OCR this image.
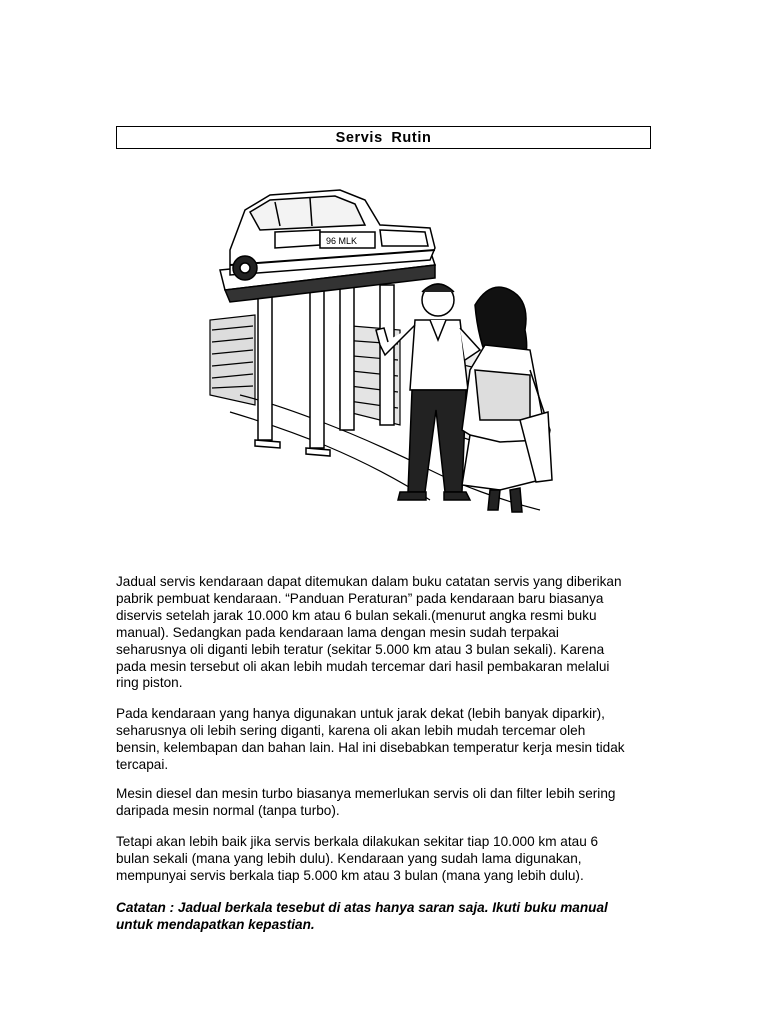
Servis Rutin
96 MLK
Jadual servis kendaraan dapat ditemukan dalam buku catatan servis yang diberikan
pabrik pembuat kendaraan. “Panduan Peraturan” pada kendaraan baru biasanya
diservis setelah jarak 10.000 km atau 6 bulan sekali.(menurut angka resmi buku
manual). Sedangkan pada kendaraan lama dengan mesin sudah terpakai
seharusnya oli diganti lebih teratur (sekitar 5.000 km atau 3 bulan sekali). Karena
pada mesin tersebut oli akan lebih mudah tercemar dari hasil pembakaran melalui
ring piston.
Pada kendaraan yang hanya digunakan untuk jarak dekat (lebih banyak diparkir),
seharusnya oli lebih sering diganti, karena oli akan lebih mudah tercemar oleh
bensin, kelembapan dan bahan lain. Hal ini disebabkan temperatur kerja mesin tidak
tercapai.
Mesin diesel dan mesin turbo biasanya memerlukan servis oli dan filter lebih sering
daripada mesin normal (tanpa turbo).
Tetapi akan lebih baik jika servis berkala dilakukan sekitar tiap 10.000 km atau 6
bulan sekali (mana yang lebih dulu). Kendaraan yang sudah lama digunakan,
mempunyai servis berkala tiap 5.000 km atau 3 bulan (mana yang lebih dulu).
Catatan : Jadual berkala tesebut di atas hanya saran saja. Ikuti buku manual
untuk mendapatkan kepastian.
